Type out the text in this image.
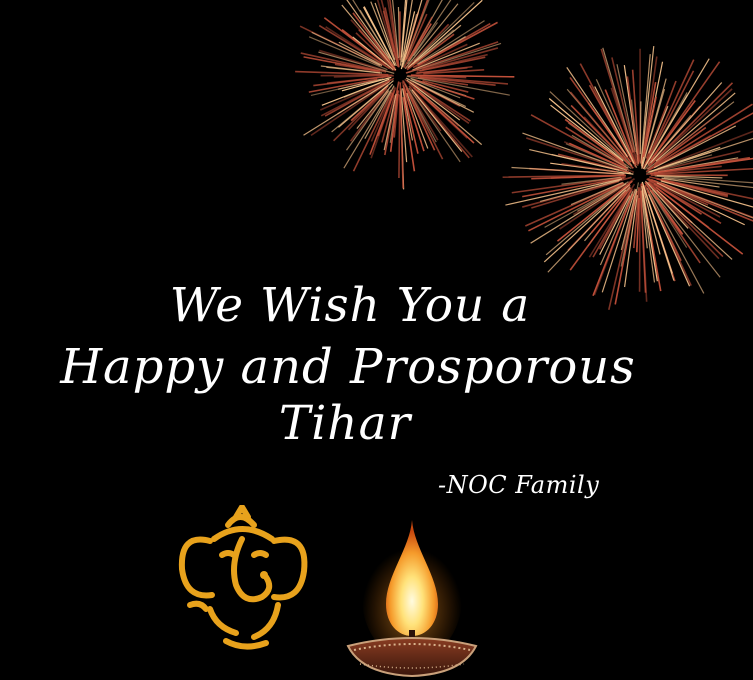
We Wish You a
Happy and Prosporous
Tihar
-NOC Family
